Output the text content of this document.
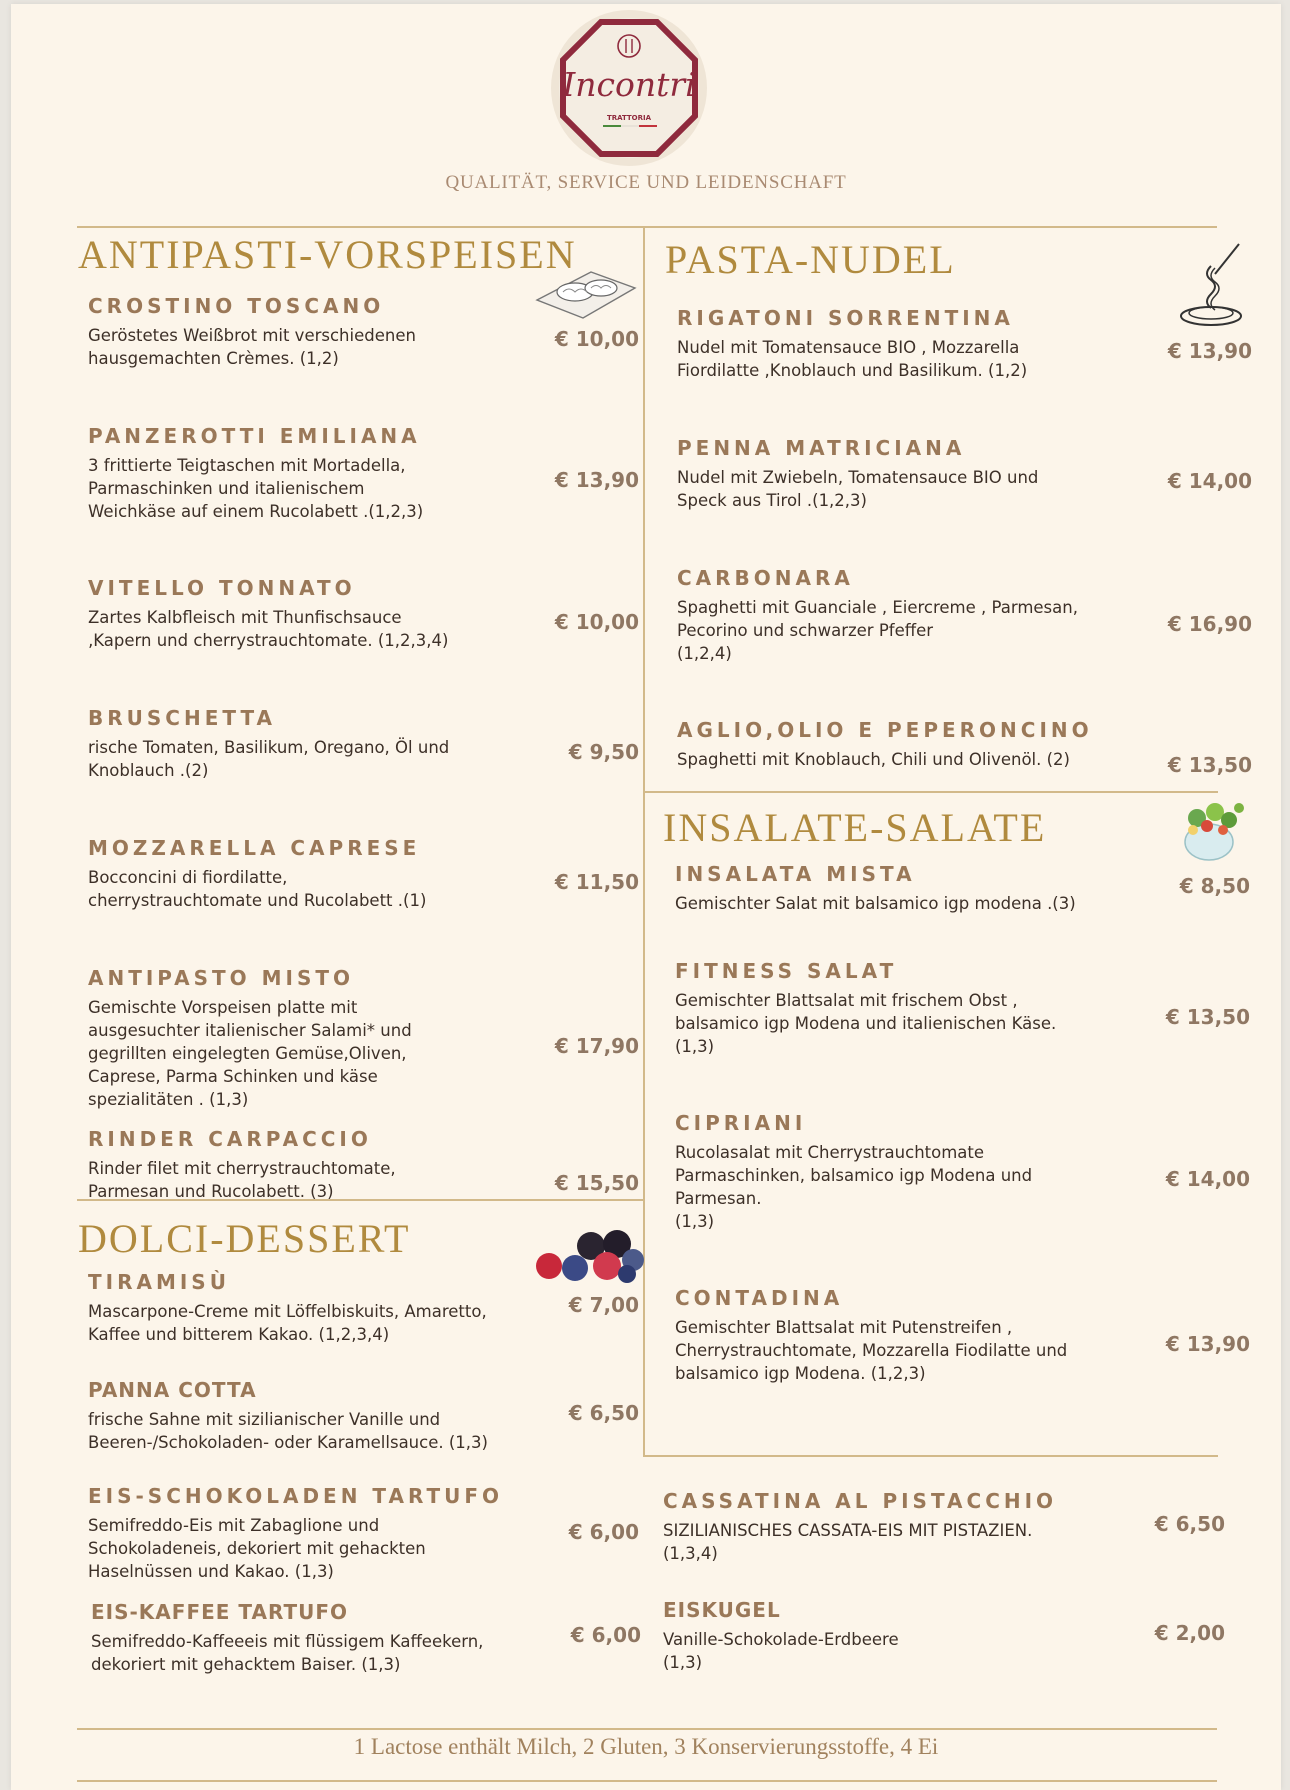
Incontri
TRATTORIA
QUALITÄT, SERVICE UND LEIDENSCHAFT
ANTIPASTI-VORSPEISEN PASTA-NUDEL
INSALATE-SALATE
DOLCI-DESSERT
CROSTINO TOSCANO
Geröstetes Weißbrot mit verschiedenen
hausgemachten Crèmes. (1,2)
€ 10,00
PANZEROTTI EMILIANA
3 frittierte Teigtaschen mit Mortadella,
Parmaschinken und italienischem
Weichkäse auf einem Rucolabett .(1,2,3)
€ 13,90
VITELLO TONNATO
Zartes Kalbfleisch mit Thunfischsauce
‚Kapern und cherrystrauchtomate. (1,2,3,4)
€ 10,00
BRUSCHETTA
rische Tomaten, Basilikum, Oregano, Öl und
Knoblauch .(2)
€ 9,50
MOZZARELLA CAPRESE
Bocconcini di fiordilatte,
cherrystrauchtomate und Rucolabett .(1)
€ 11,50
ANTIPASTO MISTO
Gemischte Vorspeisen platte mit
ausgesuchter italienischer Salami* und
gegrillten eingelegten Gemüse,Oliven,
Caprese, Parma Schinken und käse
spezialitäten . (1,3)
€ 17,90
RINDER CARPACCIO
Rinder filet mit cherrystrauchtomate,
Parmesan und Rucolabett. (3)	€ 15,50
TIRAMISÙ
Mascarpone-Creme mit Löffelbiskuits, Amaretto,
Kaffee und bitterem Kakao. (1,2,3,4)
€ 7,00
PANNA COTTA
frische Sahne mit sizilianischer Vanille und
Beeren-/Schokoladen- oder Karamellsauce. (1,3)
€ 6,50
EIS-SCHOKOLADEN TARTUFO
Semifreddo-Eis mit Zabaglione und
Schokoladeneis, dekoriert mit gehackten
Haselnüssen und Kakao. (1,3)
€ 6,00
EIS-KAFFEE TARTUFO
Semifreddo-Kaffeeeis mit flüssigem Kaffeekern,
dekoriert mit gehacktem Baiser. (1,3)
€ 6,00
RIGATONI SORRENTINA
Nudel mit Tomatensauce BIO , Mozzarella
Fiordilatte ,Knoblauch und Basilikum. (1,2)
€ 13,90
PENNA MATRICIANA
Nudel mit Zwiebeln, Tomatensauce BIO und
Speck aus Tirol .(1,2,3)
€ 14,00
CARBONARA
Spaghetti mit Guanciale , Eiercreme , Parmesan,
Pecorino und schwarzer Pfeffer
(1,2,4)
€ 16,90
AGLIO,OLIO E PEPERONCINO
Spaghetti mit Knoblauch, Chili und Olivenöl. (2)	€ 13,50
INSALATA MISTA
Gemischter Salat mit balsamico igp modena .(3)
€ 8,50
FITNESS SALAT
Gemischter Blattsalat mit frischem Obst ,
balsamico igp Modena und italienischen Käse.
(1,3)
€ 13,50
CIPRIANI
Rucolasalat mit Cherrystrauchtomate
Parmaschinken, balsamico igp Modena und
Parmesan.
(1,3)
€ 14,00
CONTADINA
Gemischter Blattsalat mit Putenstreifen ,
Cherrystrauchtomate, Mozzarella Fiodilatte und
balsamico igp Modena. (1,2,3)
€ 13,90
CASSATINA AL PISTACCHIO
SIZILIANISCHES CASSATA-EIS MIT PISTAZIEN.
(1,3,4)
€ 6,50
EISKUGEL
Vanille-Schokolade-Erdbeere
(1,3)
€ 2,00
1 Lactose enthält Milch, 2 Gluten, 3 Konservierungsstoffe, 4 Ei
